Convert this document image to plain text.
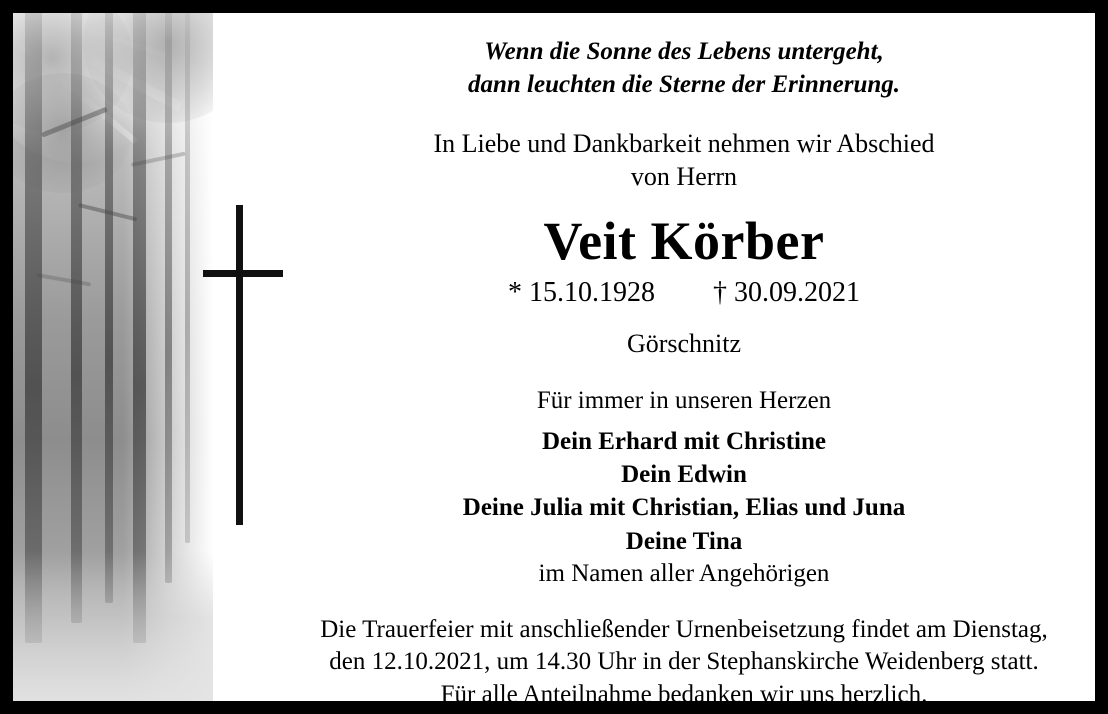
Wenn die Sonne des Lebens untergeht,
dann leuchten die Sterne der Erinnerung.
In Liebe und Dankbarkeit nehmen wir Abschied
von Herrn
Veit Körber
* 15.10.1928 † 30.09.2021
Görschnitz
Für immer in unseren Herzen
Dein Erhard mit Christine
Dein Edwin
Deine Julia mit Christian, Elias und Juna
Deine Tina
im Namen aller Angehörigen
Die Trauerfeier mit anschließender Urnenbeisetzung findet am Dienstag,
den 12.10.2021, um 14.30 Uhr in der Stephanskirche Weidenberg statt.
Für alle Anteilnahme bedanken wir uns herzlich.
